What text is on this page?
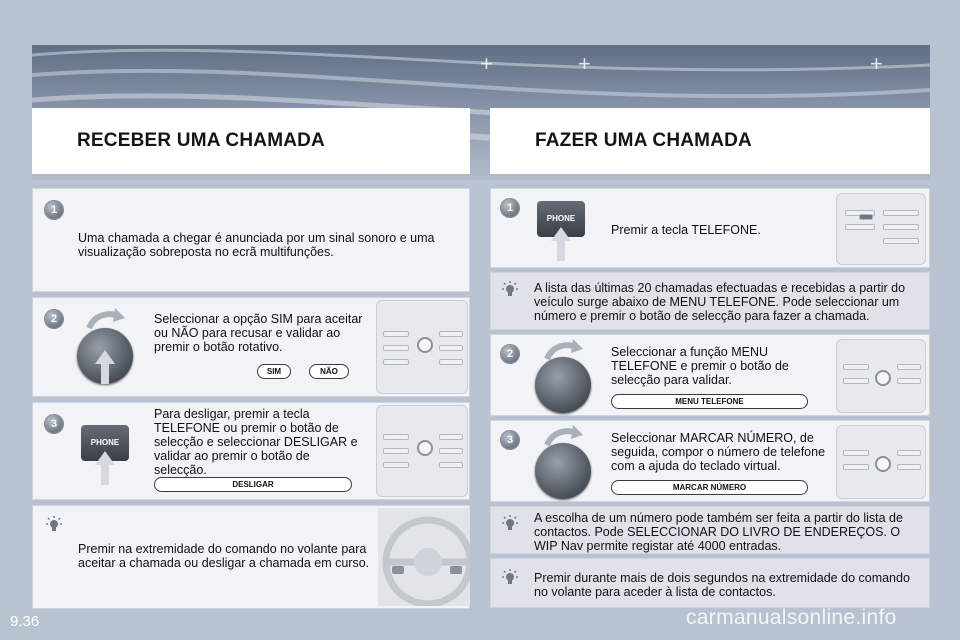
+	+	+
RECEBER UMA CHAMADA	FAZER UMA CHAMADA
1
Uma chamada a chegar é anunciada por um sinal sonoro e uma visualização sobreposta no ecrã multifunções.
2	Seleccionar a opção SIM para aceitar ou NÃO para recusar e validar ao premir o botão rotativo.
SIM	NÃO
3
PHONE
Para desligar, premir a tecla TELEFONE ou premir o botão de selecção e seleccionar DESLIGAR e validar ao premir o botão de selecção.
DESLIGAR
Premir na extremidade do comando no volante para aceitar a chamada ou desligar a chamada em curso.
1
PHONE
Premir a tecla TELEFONE.
A lista das últimas 20 chamadas efectuadas e recebidas a partir do veículo surge abaixo de MENU TELEFONE. Pode seleccionar um número e premir o botão de selecção para fazer a chamada.
2	Seleccionar a função MENU TELEFONE e premir o botão de selecção para validar.
MENU TELEFONE
3	Seleccionar MARCAR NÚMERO, de seguida, compor o número de telefone com a ajuda do teclado virtual.
MARCAR NÚMERO
A escolha de um número pode também ser feita a partir do lista de contactos. Pode SELECCIONAR DO LIVRO DE ENDEREÇOS. O WIP Nav permite registar até 4000 entradas.
Premir durante mais de dois segundos na extremidade do comando no volante para aceder à lista de contactos.
9.36	carmanualsonline.info
